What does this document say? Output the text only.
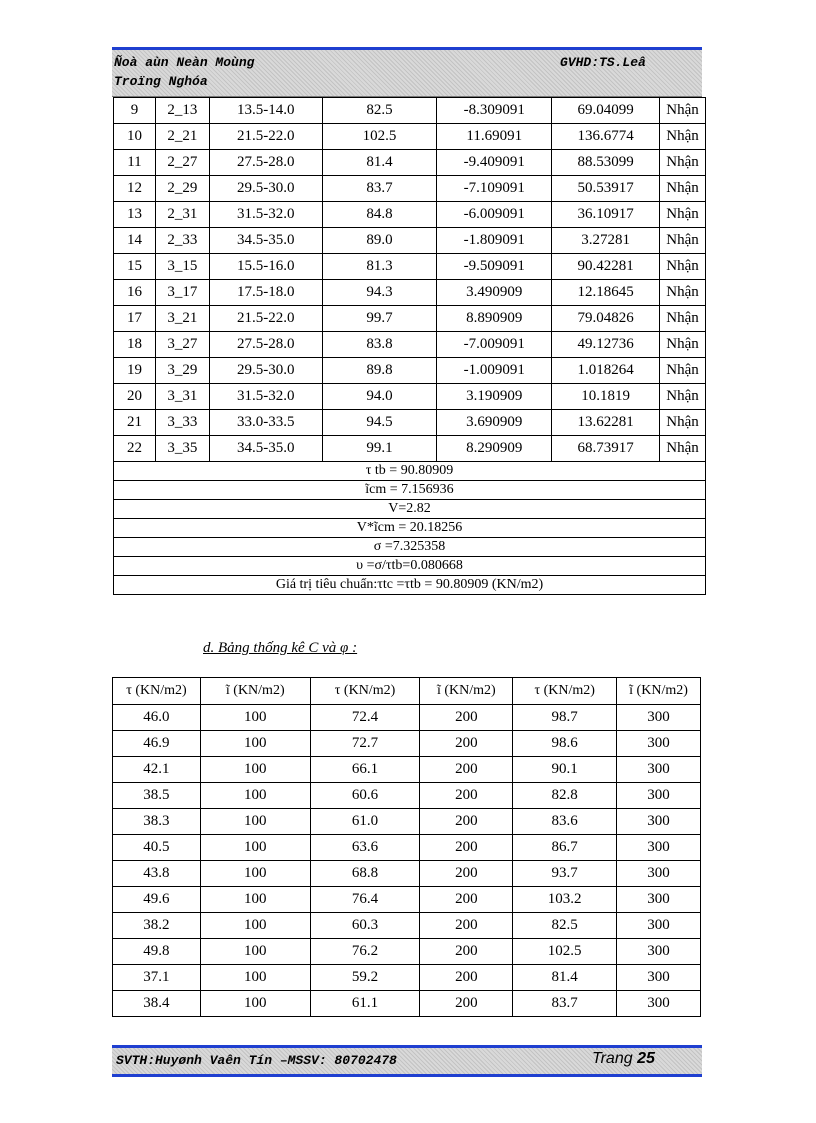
Ñoà aùn Neàn Moùng
Troïng Nghóa
GVHD:TS.Leâ
9	2_13	13.5-14.0	82.5	-8.309091	69.04099	Nhận
10	2_21	21.5-22.0	102.5	11.69091	136.6774	Nhận
11	2_27	27.5-28.0	81.4	-9.409091	88.53099	Nhận
12	2_29	29.5-30.0	83.7	-7.109091	50.53917	Nhận
13	2_31	31.5-32.0	84.8	-6.009091	36.10917	Nhận
14	2_33	34.5-35.0	89.0	-1.809091	3.27281	Nhận
15	3_15	15.5-16.0	81.3	-9.509091	90.42281	Nhận
16	3_17	17.5-18.0	94.3	3.490909	12.18645	Nhận
17	3_21	21.5-22.0	99.7	8.890909	79.04826	Nhận
18	3_27	27.5-28.0	83.8	-7.009091	49.12736	Nhận
19	3_29	29.5-30.0	89.8	-1.009091	1.018264	Nhận
20	3_31	31.5-32.0	94.0	3.190909	10.1819	Nhận
21	3_33	33.0-33.5	94.5	3.690909	13.62281	Nhận
22	3_35	34.5-35.0	99.1	8.290909	68.73917	Nhận
τ tb = 90.80909						
ĩcm = 7.156936						
V=2.82						
V*ĩcm = 20.18256						
σ =7.325358						
υ =σ/τtb=0.080668						
Giá trị tiêu chuẩn:τtc =τtb = 90.80909 (KN/m2)						
d. Bảng thống kê C và φ :
τ (KN/m2)	ĩ (KN/m2)	τ (KN/m2)	ĩ (KN/m2)	τ (KN/m2)	ĩ (KN/m2)
46.0	100	72.4	200	98.7	300
46.9	100	72.7	200	98.6	300
42.1	100	66.1	200	90.1	300
38.5	100	60.6	200	82.8	300
38.3	100	61.0	200	83.6	300
40.5	100	63.6	200	86.7	300
43.8	100	68.8	200	93.7	300
49.6	100	76.4	200	103.2	300
38.2	100	60.3	200	82.5	300
49.8	100	76.2	200	102.5	300
37.1	100	59.2	200	81.4	300
38.4	100	61.1	200	83.7	300
SVTH:Huyønh Vaên Tín –MSSV: 80702478	Trang 25
